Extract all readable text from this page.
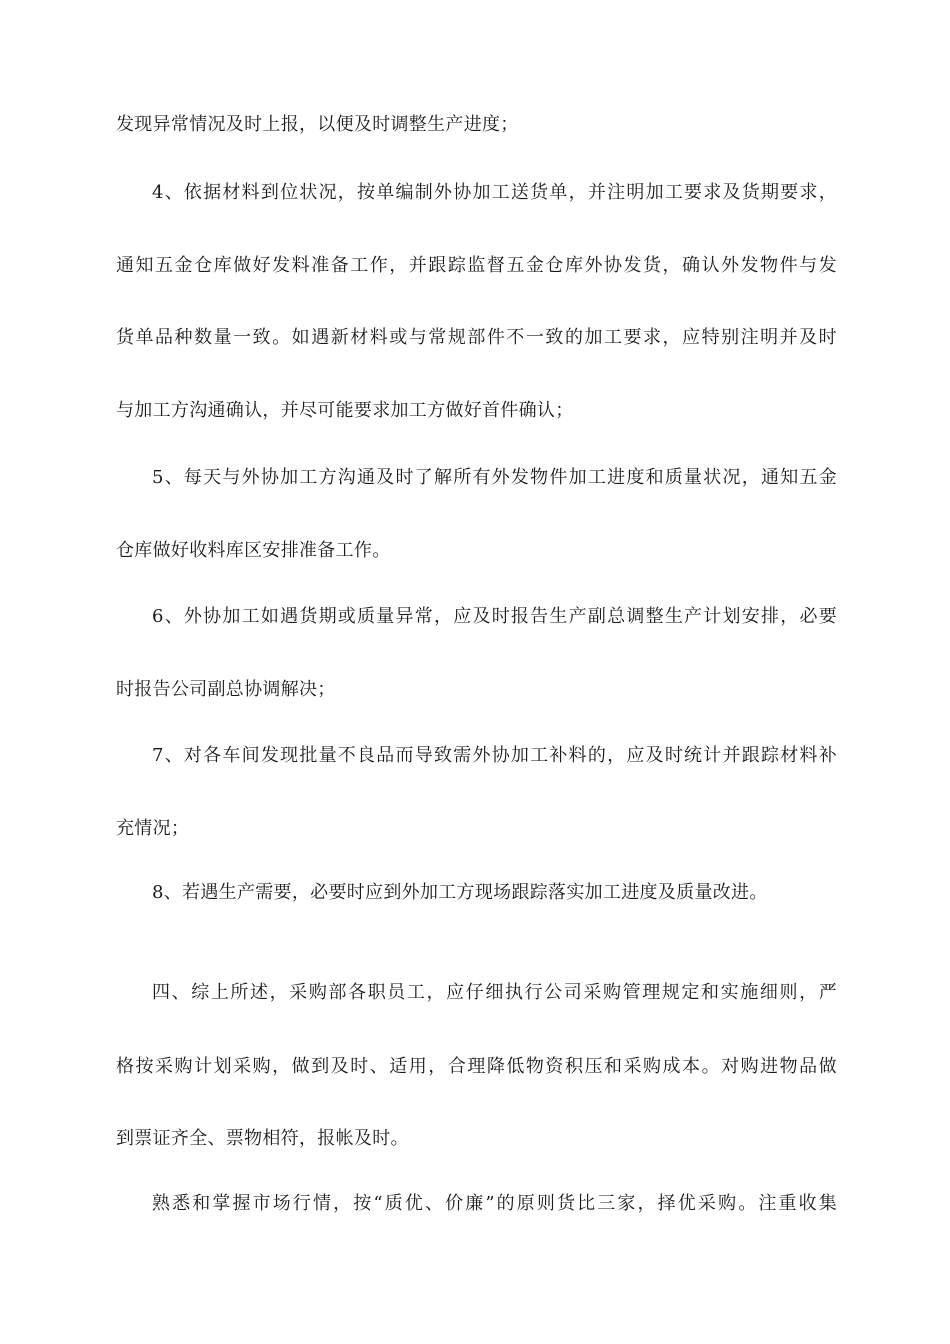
发现异常情况及时上报，以便及时调整生产进度；
4、依据材料到位状况，按单编制外协加工送货单，并注明加工要求及货期要求，
通知五金仓库做好发料准备工作，并跟踪监督五金仓库外协发货，确认外发物件与发
货单品种数量一致。如遇新材料或与常规部件不一致的加工要求，应特别注明并及时
与加工方沟通确认，并尽可能要求加工方做好首件确认；
5、每天与外协加工方沟通及时了解所有外发物件加工进度和质量状况，通知五金
仓库做好收料库区安排准备工作。
6、外协加工如遇货期或质量异常，应及时报告生产副总调整生产计划安排，必要
时报告公司副总协调解决；
7、对各车间发现批量不良品而导致需外协加工补料的，应及时统计并跟踪材料补
充情况；
8、若遇生产需要，必要时应到外加工方现场跟踪落实加工进度及质量改进。
四、综上所述，采购部各职员工，应仔细执行公司采购管理规定和实施细则，严
格按采购计划采购，做到及时、适用，合理降低物资积压和采购成本。对购进物品做
到票证齐全、票物相符，报帐及时。
熟悉和掌握市场行情，按“质优、价廉”的原则货比三家，择优采购。注重收集
